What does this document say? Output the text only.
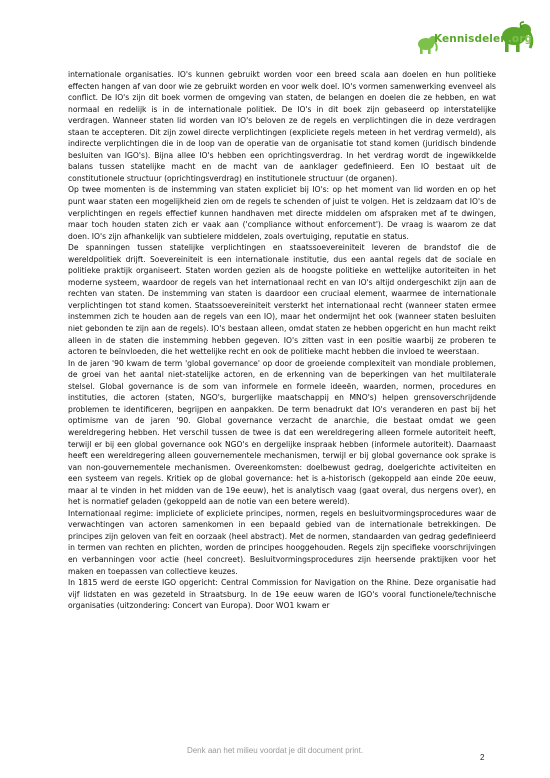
Kennisdelen.org

internationale organisaties. IO's kunnen gebruikt worden voor een breed scala aan doelen en hun politieke effecten hangen af van door wie ze gebruikt worden en voor welk doel. IO's vormen samenwerking evenveel als conflict. De IO's zijn dit boek vormen de omgeving van staten, de belangen en doelen die ze hebben, en wat normaal en redelijk is in de internationale politiek. De IO's in dit boek zijn gebaseerd op interstatelijke verdragen. Wanneer staten lid worden van IO's beloven ze de regels en verplichtingen die in deze verdragen staan te accepteren. Dit zijn zowel directe verplichtingen (expliciete regels meteen in het verdrag vermeld), als indirecte verplichtingen die in de loop van de operatie van de organisatie tot stand komen (juridisch bindende besluiten van IGO's). Bijna allee IO's hebben een oprichtingsverdrag. In het verdrag wordt de ingewikkelde balans tussen statelijke macht en de macht van de aanklager gedefinieerd. Een IO bestaat uit de constitutionele structuur (oprichtingsverdrag) en institutionele structuur (de organen).

Op twee momenten is de instemming van staten expliciet bij IO's: op het moment van lid worden en op het punt waar staten een mogelijkheid zien om de regels te schenden of juist te volgen. Het is zeldzaam dat IO's de verplichtingen en regels effectief kunnen handhaven met directe middelen om afspraken met af te dwingen, maar toch houden staten zich er vaak aan ('compliance without enforcement'). De vraag is waarom ze dat doen. IO's zijn afhankelijk van subtielere middelen, zoals overtuiging, reputatie en status.

De spanningen tussen statelijke verplichtingen en staatssoevereiniteit leveren de brandstof die de wereldpolitiek drijft. Soevereiniteit is een internationale institutie, dus een aantal regels dat de sociale en politieke praktijk organiseert. Staten worden gezien als de hoogste politieke en wettelijke autoriteiten in het moderne systeem, waardoor de regels van het internationaal recht en van IO's altijd ondergeschikt zijn aan de rechten van staten. De instemming van staten is daardoor een cruciaal element, waarmee de internationale verplichtingen tot stand komen. Staatssoevereiniteit versterkt het internationaal recht (wanneer staten ermee instemmen zich te houden aan de regels van een IO), maar het ondermijnt het ook (wanneer staten besluiten niet gebonden te zijn aan de regels). IO's bestaan alleen, omdat staten ze hebben opgericht en hun macht reikt alleen in de staten die instemming hebben gegeven. IO's zitten vast in een positie waarbij ze proberen te actoren te beïnvloeden, die het wettelijke recht en ook de politieke macht hebben die invloed te weerstaan.

In de jaren '90 kwam de term 'global governance' op door de groeiende complexiteit van mondiale problemen, de groei van het aantal niet-statelijke actoren, en de erkenning van de beperkingen van het multilaterale stelsel. Global governance is de som van informele en formele ideeën, waarden, normen, procedures en instituties, die actoren (staten, NGO's, burgerlijke maatschappij en MNO's) helpen grensoverschrijdende problemen te identificeren, begrijpen en aanpakken. De term benadrukt dat IO's veranderen en past bij het optimisme van de jaren '90. Global governance verzacht de anarchie, die bestaat omdat we geen wereldregering hebben. Het verschil tussen de twee is dat een wereldregering alleen formele autoriteit heeft, terwijl er bij een global governance ook NGO's en dergelijke inspraak hebben (informele autoriteit). Daarnaast heeft een wereldregering alleen gouvernementele mechanismen, terwijl er bij global governance ook sprake is van non-gouvernementele mechanismen. Overeenkomsten: doelbewust gedrag, doelgerichte activiteiten en een systeem van regels. Kritiek op de global governance: het is a-historisch (gekoppeld aan einde 20e eeuw, maar al te vinden in het midden van de 19e eeuw), het is analytisch vaag (gaat overal, dus nergens over), en het is normatief geladen (gekoppeld aan de notie van een betere wereld).

Internationaal regime: impliciete of expliciete principes, normen, regels en besluitvormingsprocedures waar de verwachtingen van actoren samenkomen in een bepaald gebied van de internationale betrekkingen. De principes zijn geloven van feit en oorzaak (heel abstract). Met de normen, standaarden van gedrag gedefinieerd in termen van rechten en plichten, worden de principes hooggehouden. Regels zijn specifieke voorschrijvingen en verbanningen voor actie (heel concreet). Besluitvormingsprocedures zijn heersende praktijken voor het maken en toepassen van collectieve keuzes.

In 1815 werd de eerste IGO opgericht: Central Commission for Navigation on the Rhine. Deze organisatie had vijf lidstaten en was gezeteld in Straatsburg. In de 19e eeuw waren de IGO's vooral functionele/technische organisaties (uitzondering: Concert van Europa). Door WO1 kwam er

Denk aan het milieu voordat je dit document print.
2
